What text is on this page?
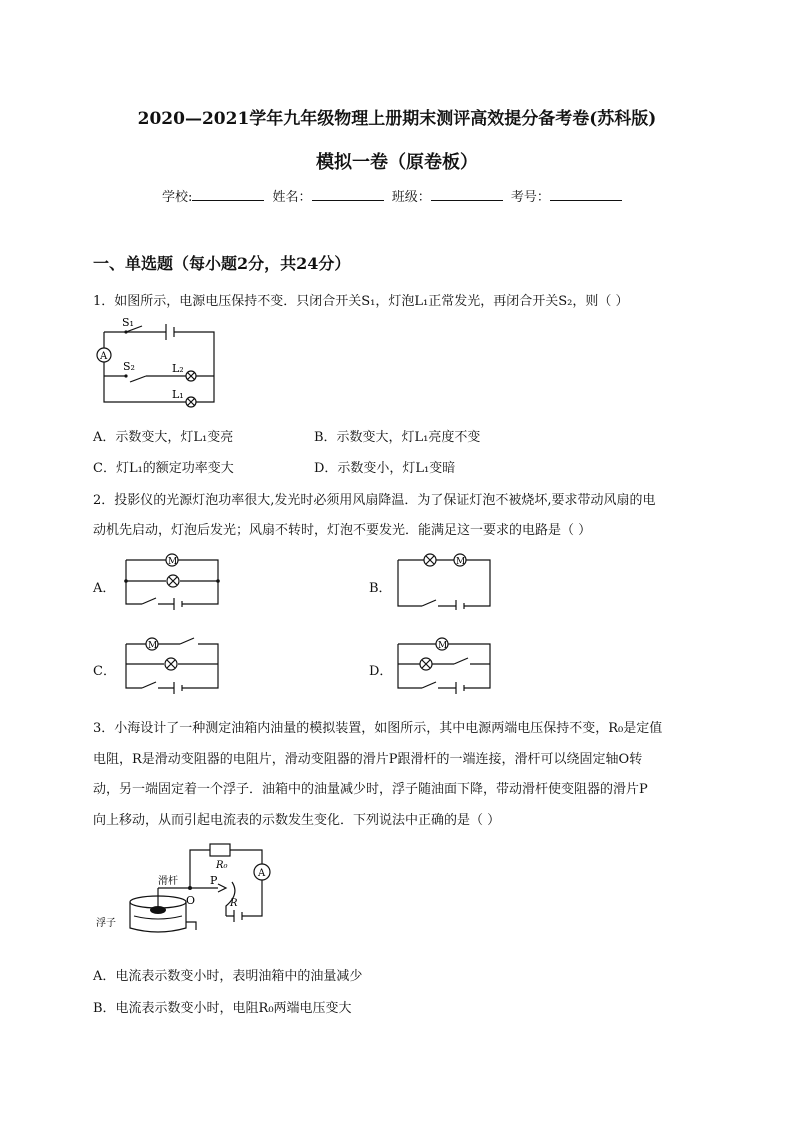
2020—2021学年九年级物理上册期末测评高效提分备考卷(苏科版)
模拟一卷（原卷板）
学校:	姓名：	班级：	考号：
一、单选题（每小题2分，共24分）
1．如图所示，电源电压保持不变．只闭合开关S₁，灯泡L₁正常发光，再闭合开关S₂，则（ ）
A
S₁
S₂	L₂
L₁
A．示数变大，灯L₁变亮	B．示数变大，灯L₁亮度不变
C．灯L₁的额定功率变大	D．示数变小，灯L₁变暗
2．投影仪的光源灯泡功率很大,发光时必须用风扇降温．为了保证灯泡不被烧坏,要求带动风扇的电
动机先启动，灯泡后发光；风扇不转时，灯泡不要发光．能满足这一要求的电路是（ ）
A．
M
B．
M
C．
M
D．
M
3．小海设计了一种测定油箱内油量的模拟装置，如图所示，其中电源两端电压保持不变，R₀是定值
电阻，R是滑动变阻器的电阻片，滑动变阻器的滑片P跟滑杆的一端连接，滑杆可以绕固定轴O转
动，另一端固定着一个浮子．油箱中的油量减少时，浮子随油面下降，带动滑杆使变阻器的滑片P
向上移动，从而引起电流表的示数发生变化．下列说法中正确的是（ ）
滑杆
浮子
P
O	R
R₀
A
A．电流表示数变小时，表明油箱中的油量减少
B．电流表示数变小时，电阻R₀两端电压变大
